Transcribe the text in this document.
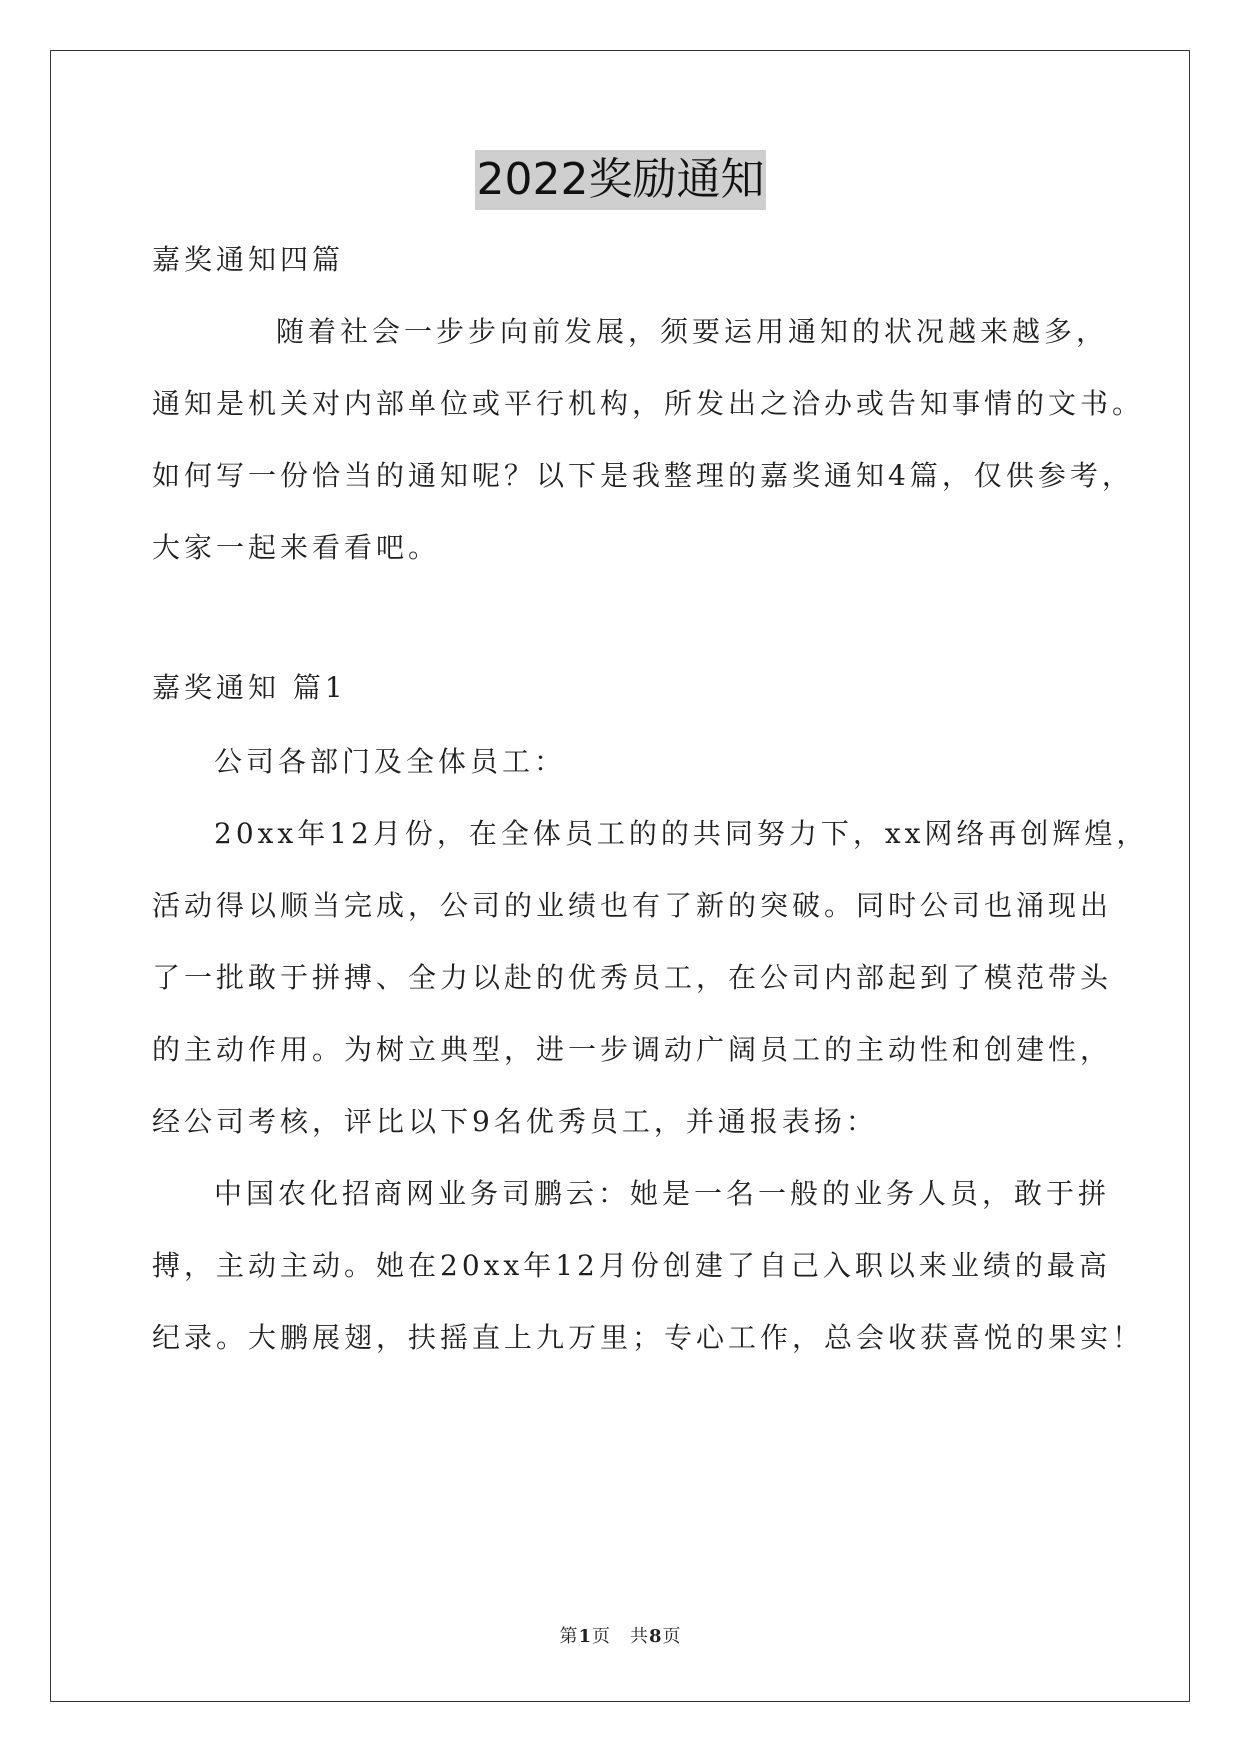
2022奖励通知
嘉奖通知四篇
随着社会一步步向前发展，须要运用通知的状况越来越多，
通知是机关对内部单位或平行机构，所发出之洽办或告知事情的文书。
如何写一份恰当的通知呢？以下是我整理的嘉奖通知4篇，仅供参考，
大家一起来看看吧。
嘉奖通知 篇1
公司各部门及全体员工：
20xx年12月份，在全体员工的的共同努力下，xx网络再创辉煌，
活动得以顺当完成，公司的业绩也有了新的突破。同时公司也涌现出
了一批敢于拼搏、全力以赴的优秀员工，在公司内部起到了模范带头
的主动作用。为树立典型，进一步调动广阔员工的主动性和创建性，
经公司考核，评比以下9名优秀员工，并通报表扬：
中国农化招商网业务司鹏云：她是一名一般的业务人员，敢于拼
搏，主动主动。她在20xx年12月份创建了自己入职以来业绩的最高
纪录。大鹏展翅，扶摇直上九万里；专心工作，总会收获喜悦的果实！
第1页　共8页
